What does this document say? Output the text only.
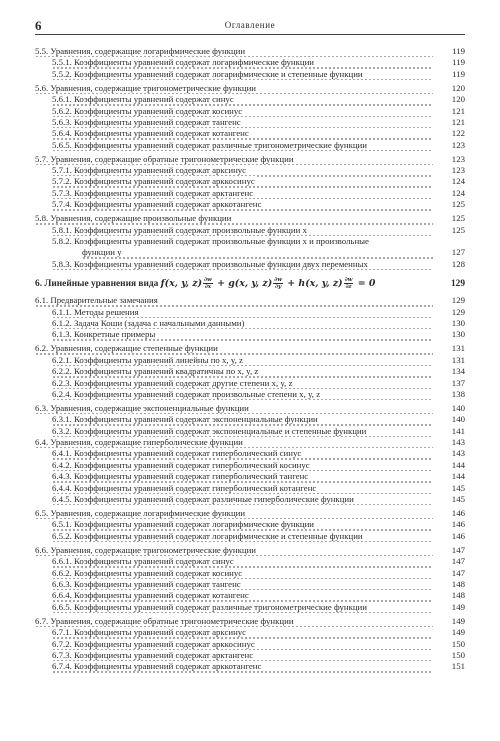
6	Оглавление
5.5. Уравнения, содержащие логарифмические функции	119
5.5.1. Коэффициенты уравнений содержат логарифмические функции	119
5.5.2. Коэффициенты уравнений содержат логарифмические и степенные функции	119
5.6. Уравнения, содержащие тригонометрические функции	120
5.6.1. Коэффициенты уравнений содержат синус	120
5.6.2. Коэффициенты уравнений содержат косинус	121
5.6.3. Коэффициенты уравнений содержат тангенс	121
5.6.4. Коэффициенты уравнений содержат котангенс	122
5.6.5. Коэффициенты уравнений содержат различные тригонометрические функции	123
5.7. Уравнения, содержащие обратные тригонометрические функции	123
5.7.1. Коэффициенты уравнений содержат арксинус	123
5.7.2. Коэффициенты уравнений содержат арккосинус	124
5.7.3. Коэффициенты уравнений содержат арктангенс	124
5.7.4. Коэффициенты уравнений содержат арккотангенс	125
5.8. Уравнения, содержащие произвольные функции	125
5.8.1. Коэффициенты уравнений содержат произвольные функции x	125
5.8.2. Коэффициенты уравнений содержат произвольные функции x и произвольные
функции y	127
5.8.3. Коэффициенты уравнений содержат произвольные функции двух переменных	128
6. Линейные уравнения вида f(x, y, $z) \frac{\partial w}{\partial x} + g(x$, y, $z) \frac{\partial w}{\partial y} + h(x$, y, $z) \frac{\partial w}{\partial z} = 0$	129
6.1. Предварительные замечания	129
6.1.1. Методы решения	129
6.1.2. Задача Коши (задача с начальными данными)	130
6.1.3. Конкретные примеры	130
6.2. Уравнения, содержащие степенные функции	131
6.2.1. Коэффициенты уравнений линейны по x, y, z	131
6.2.2. Коэффициенты уравнений квадратичны по x, y, z	134
6.2.3. Коэффициенты уравнений содержат другие степени x, y, z	137
6.2.4. Коэффициенты уравнений содержат произвольные степени x, y, z	138
6.3. Уравнения, содержащие экспоненциальные функции	140
6.3.1. Коэффициенты уравнений содержат экспоненциальные функции	140
6.3.2. Коэффициенты уравнений содержат экспоненциальные и степенные функции	141
6.4. Уравнения, содержащие гиперболические функции	143
6.4.1. Коэффициенты уравнений содержат гиперболический синус	143
6.4.2. Коэффициенты уравнений содержат гиперболический косинус	144
6.4.3. Коэффициенты уравнений содержат гиперболический тангенс	144
6.4.4. Коэффициенты уравнений содержат гиперболический котангенс	145
6.4.5. Коэффициенты уравнений содержат различные гиперболические функции	145
6.5. Уравнения, содержащие логарифмические функции	146
6.5.1. Коэффициенты уравнений содержат логарифмические функции	146
6.5.2. Коэффициенты уравнений содержат логарифмические и степенные функции	146
6.6. Уравнения, содержащие тригонометрические функции	147
6.6.1. Коэффициенты уравнений содержат синус	147
6.6.2. Коэффициенты уравнений содержат косинус	147
6.6.3. Коэффициенты уравнений содержат тангенс	148
6.6.4. Коэффициенты уравнений содержат котангенс	148
6.6.5. Коэффициенты уравнений содержат различные тригонометрические функции	149
6.7. Уравнения, содержащие обратные тригонометрические функции	149
6.7.1. Коэффициенты уравнений содержат арксинус	149
6.7.2. Коэффициенты уравнений содержат арккосинус	150
6.7.3. Коэффициенты уравнений содержат арктангенс	150
6.7.4. Коэффициенты уравнений содержат арккотангенс	151
